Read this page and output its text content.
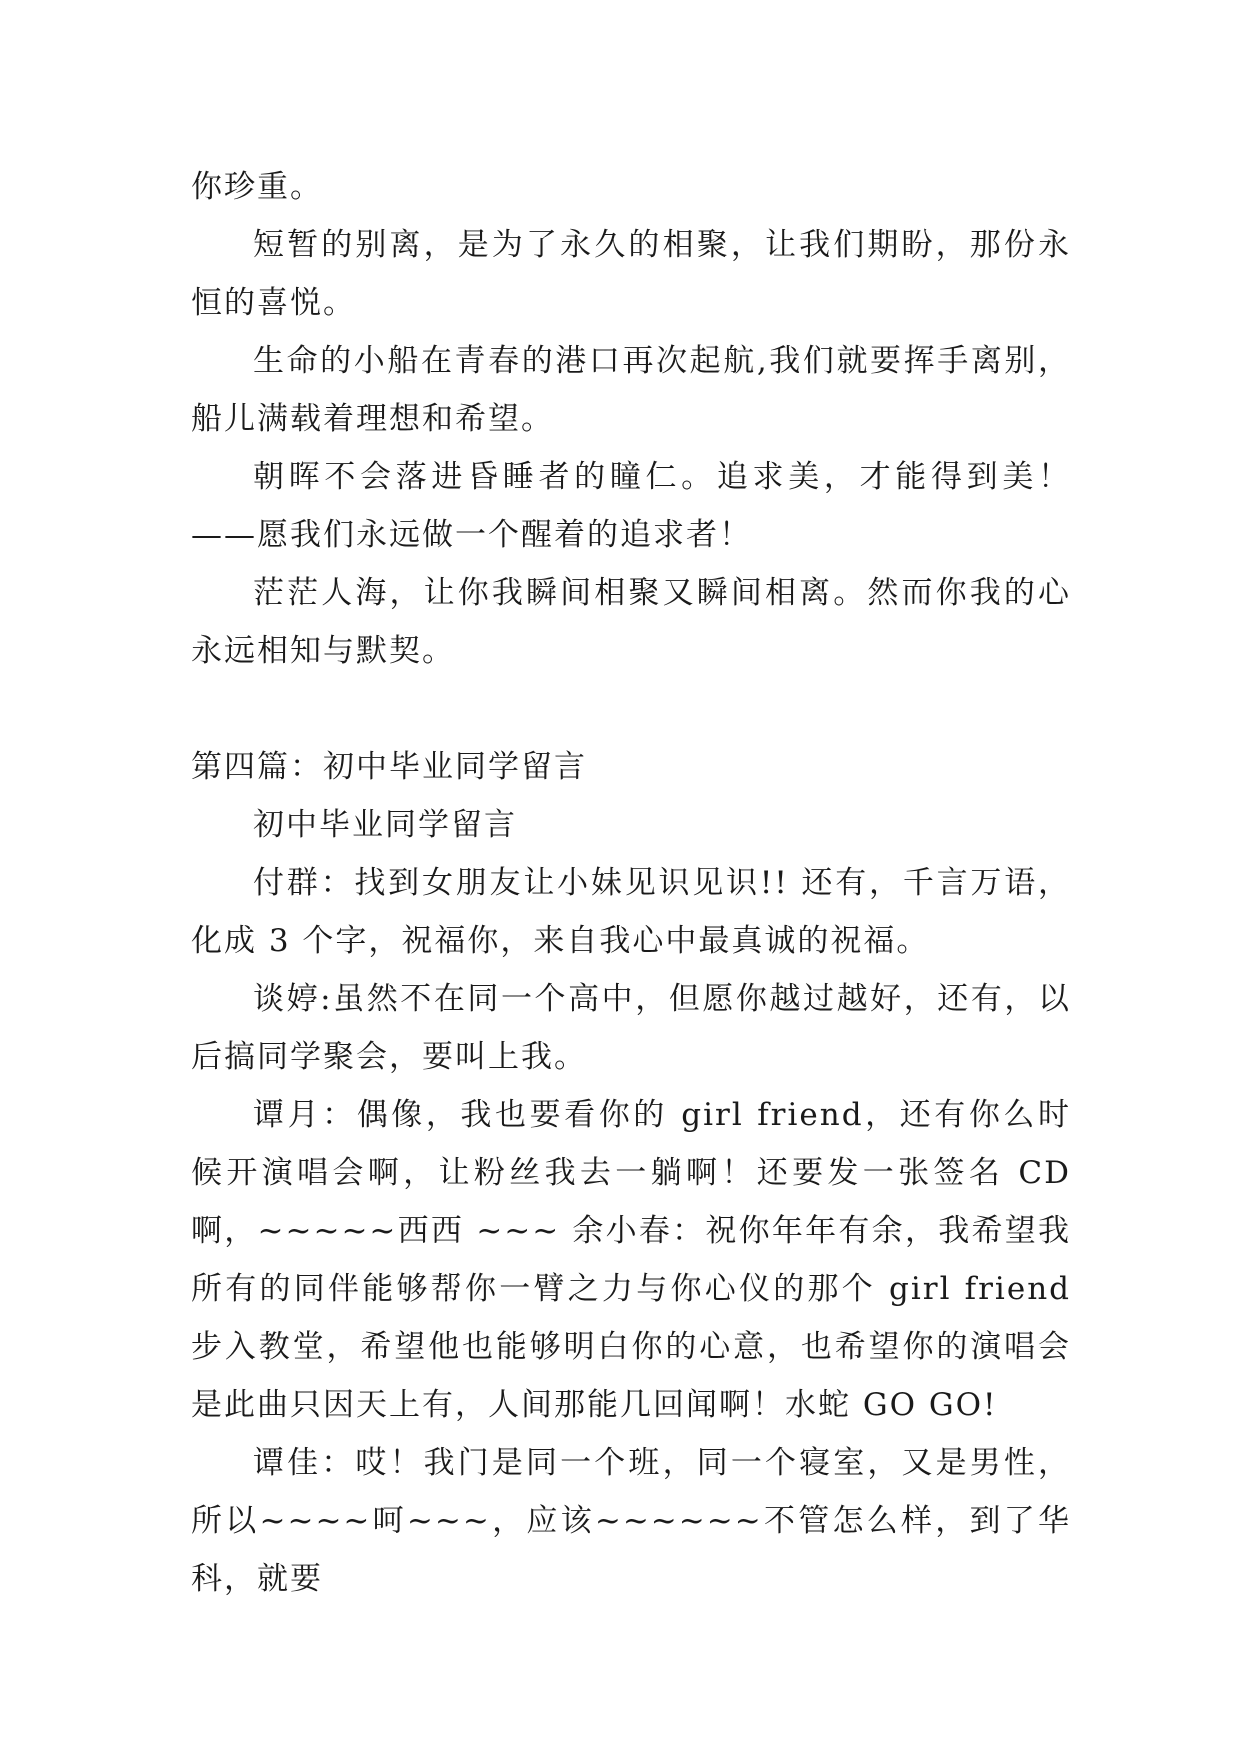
你珍重。

短暂的别离，是为了永久的相聚，让我们期盼，那份永恒的喜悦。

生命的小船在青春的港口再次起航,我们就要挥手离别，船儿满载着理想和希望。

朝晖不会落进昏睡者的瞳仁。追求美，才能得到美！——愿我们永远做一个醒着的追求者！

茫茫人海，让你我瞬间相聚又瞬间相离。然而你我的心永远相知与默契。

第四篇：初中毕业同学留言

初中毕业同学留言

付群：找到女朋友让小妹见识见识!! 还有，千言万语，化成 3 个字，祝福你，来自我心中最真诚的祝福。

谈婷:虽然不在同一个高中，但愿你越过越好，还有，以后搞同学聚会，要叫上我。

谭月：偶像，我也要看你的 girl friend，还有你么时候开演唱会啊，让粉丝我去一躺啊！还要发一张签名 CD 啊，~~~~~西西 ~~~ 余小春：祝你年年有余，我希望我所有的同伴能够帮你一臂之力与你心仪的那个 girl friend 步入教堂，希望他也能够明白你的心意，也希望你的演唱会是此曲只因天上有，人间那能几回闻啊！水蛇 GO GO!

谭佳：哎！我门是同一个班，同一个寝室，又是男性，所以~~~~呵~~~，应该~~~~~~不管怎么样，到了华科，就要
